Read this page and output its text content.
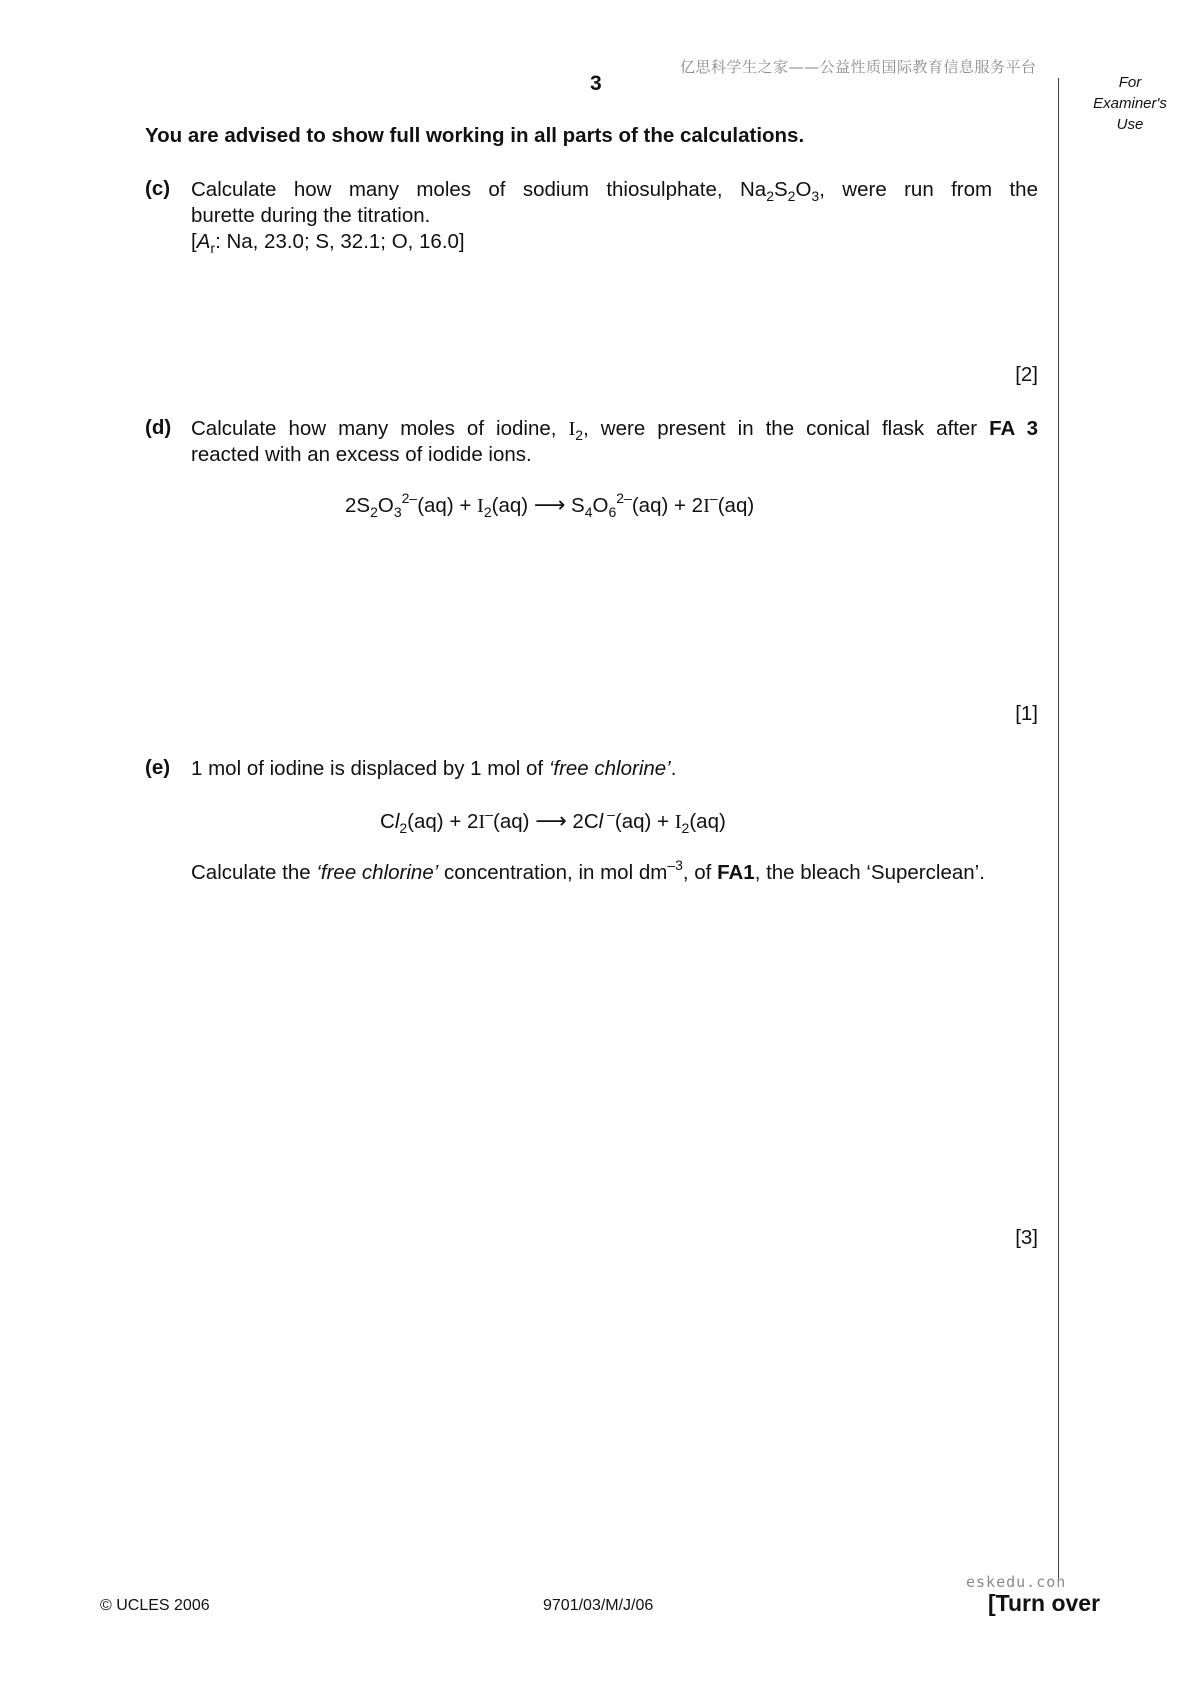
亿思科学生之家——公益性质国际教育信息服务平台
3	For
Examiner's
Use
You are advised to show full working in all parts of the calculations.
(c) Calculate how many moles of sodium thiosulphate, $Na_2S_2O_3$, were run from the
burette during the titration.
[$A_r$: Na, 23.0; S, 32.1; O, 16.0]
[2]
(d) Calculate how many moles of iodine, $I_2$, were present in the conical flask after FA 3
reacted with an excess of iodide ions.
$2S_2O_3^{2-}(aq) + I_2(aq)$ ⟶ $S_4O_6^{2-}(aq) + 2I^-(aq)$
[1]
(e) 1 mol of iodine is displaced by 1 mol of ‘free chlorine’.
$Cl_2(aq) + 2I^-(aq)$ ⟶ 2Cl $^-(aq) + I_2(aq)$
Calculate the ‘free chlorine’ concentration, in mol $dm^{-3}$, of FA1, the bleach ‘Superclean’.
[3]
© UCLES 2006	9701/03/M/J/06
eskedu.con
[Turn over
